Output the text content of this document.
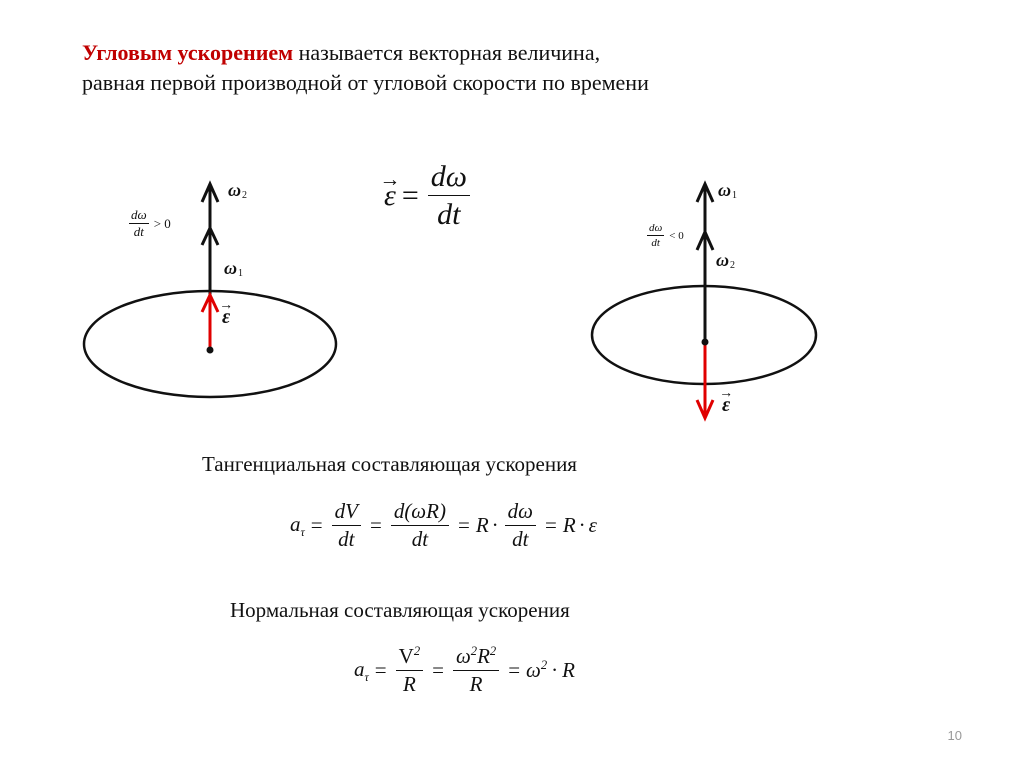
Угловым ускорением называется векторная величина,
равная первой производной от угловой скорости по времени
ε → = $\frac{d\omega}{dt}$
$\frac{d\omega}{dt} > 0$
$\omega_2$
$\omega_1$
ε →
$\frac{d\omega}{dt} < 0$
$\omega_1$
$\omega_2$
ε →
Тангенциальная составляющая ускорения
$a_\tau = \frac{dV}{dt} = \frac{d(\omega R)}{dt} = R \cdot \frac{d\omega}{dt} = R \cdot \varepsilon$
Нормальная составляющая ускорения
$a_\tau = \frac{V^2}{R} = \frac{\omega^2R^2}{R} = \omega^2 \cdot R$
10
